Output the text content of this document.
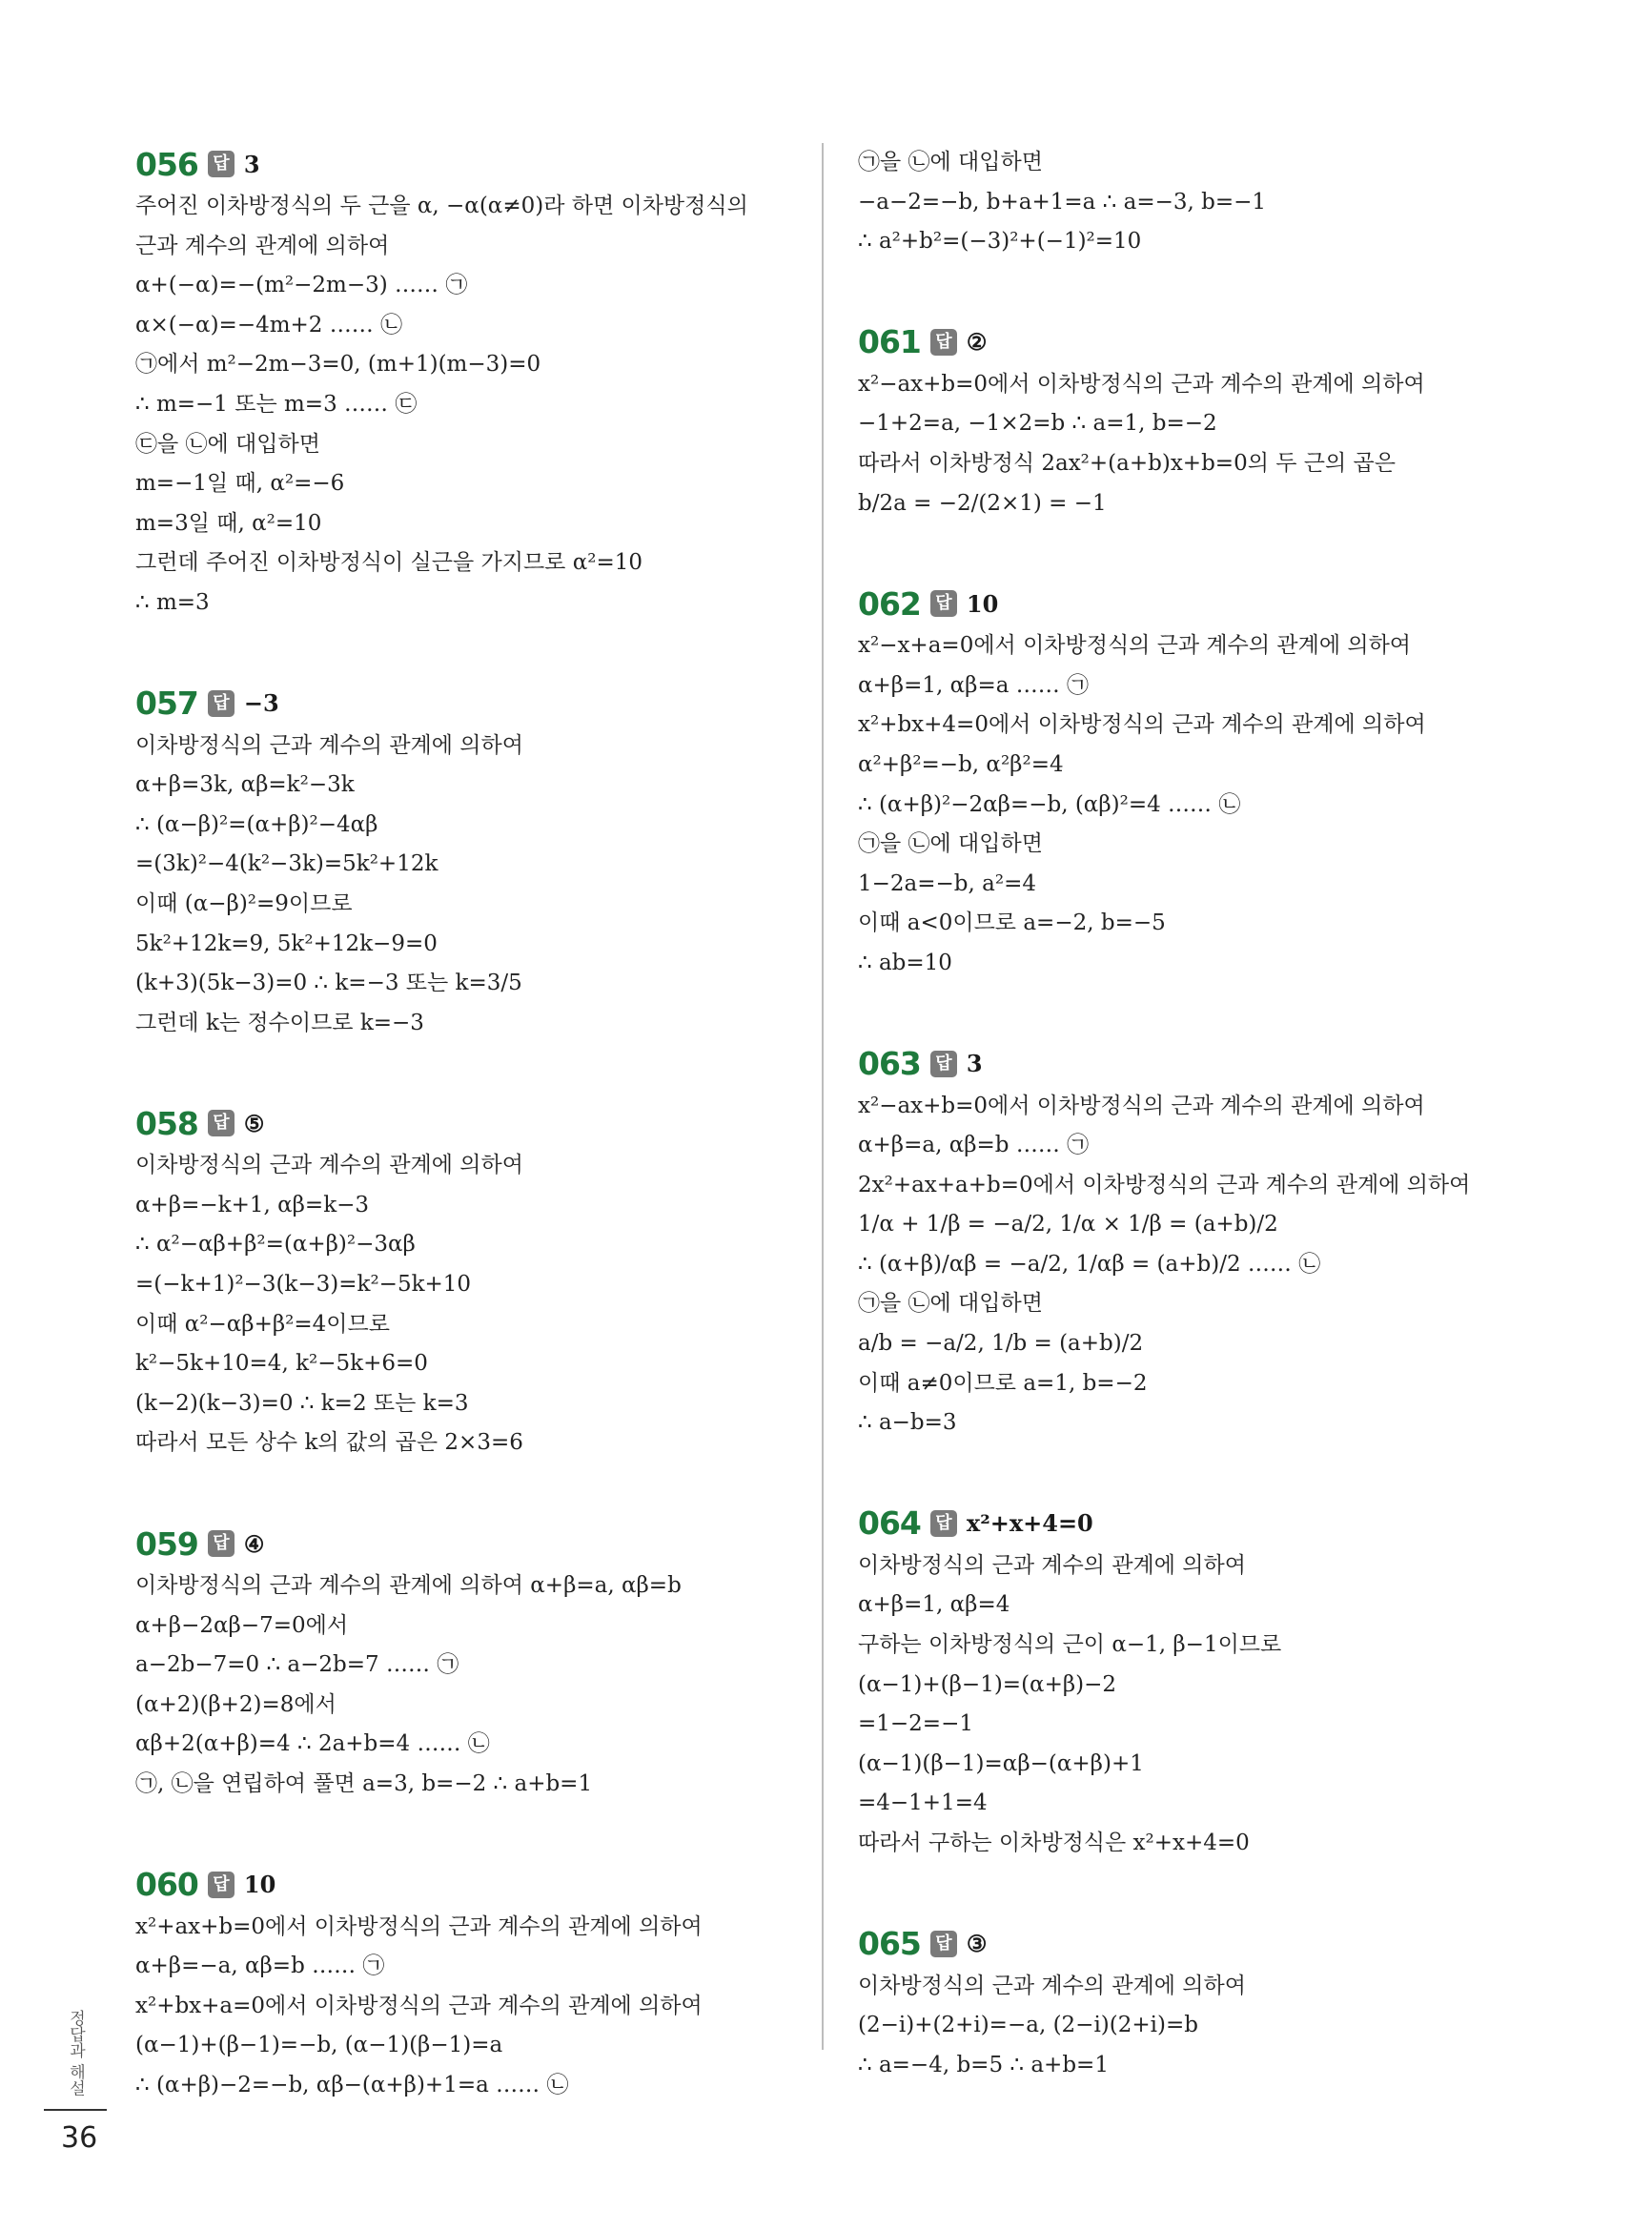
056 답 3
주어진 이차방정식의 두 근을 α, −α(α≠0)라 하면 이차방정식의
근과 계수의 관계에 의하여
α+(−α)=−(m²−2m−3) …… ㉠
α×(−α)=−4m+2 …… ㉡
㉠에서 m²−2m−3=0, (m+1)(m−3)=0
∴ m=−1 또는 m=3 …… ㉢
㉢을 ㉡에 대입하면
m=−1일 때, α²=−6
m=3일 때, α²=10
그런데 주어진 이차방정식이 실근을 가지므로 α²=10
∴ m=3
057 답 −3
이차방정식의 근과 계수의 관계에 의하여
α+β=3k, αβ=k²−3k
∴ (α−β)²=(α+β)²−4αβ
=(3k)²−4(k²−3k)=5k²+12k
이때 (α−β)²=9이므로
5k²+12k=9, 5k²+12k−9=0
(k+3)(5k−3)=0 ∴ k=−3 또는 k=3/5
그런데 k는 정수이므로 k=−3
058 답 ⑤
이차방정식의 근과 계수의 관계에 의하여
α+β=−k+1, αβ=k−3
∴ α²−αβ+β²=(α+β)²−3αβ
=(−k+1)²−3(k−3)=k²−5k+10
이때 α²−αβ+β²=4이므로
k²−5k+10=4, k²−5k+6=0
(k−2)(k−3)=0 ∴ k=2 또는 k=3
따라서 모든 상수 k의 값의 곱은 2×3=6
059 답 ④
이차방정식의 근과 계수의 관계에 의하여 α+β=a, αβ=b
α+β−2αβ−7=0에서
a−2b−7=0 ∴ a−2b=7 …… ㉠
(α+2)(β+2)=8에서
αβ+2(α+β)=4 ∴ 2a+b=4 …… ㉡
㉠, ㉡을 연립하여 풀면 a=3, b=−2 ∴ a+b=1
060 답 10
x²+ax+b=0에서 이차방정식의 근과 계수의 관계에 의하여
α+β=−a, αβ=b …… ㉠
x²+bx+a=0에서 이차방정식의 근과 계수의 관계에 의하여
(α−1)+(β−1)=−b, (α−1)(β−1)=a
∴ (α+β)−2=−b, αβ−(α+β)+1=a …… ㉡
㉠을 ㉡에 대입하면
−a−2=−b, b+a+1=a ∴ a=−3, b=−1
∴ a²+b²=(−3)²+(−1)²=10
061 답 ②
x²−ax+b=0에서 이차방정식의 근과 계수의 관계에 의하여
−1+2=a, −1×2=b ∴ a=1, b=−2
따라서 이차방정식 2ax²+(a+b)x+b=0의 두 근의 곱은
b/2a = −2/(2×1) = −1
062 답 10
x²−x+a=0에서 이차방정식의 근과 계수의 관계에 의하여
α+β=1, αβ=a …… ㉠
x²+bx+4=0에서 이차방정식의 근과 계수의 관계에 의하여
α²+β²=−b, α²β²=4
∴ (α+β)²−2αβ=−b, (αβ)²=4 …… ㉡
㉠을 ㉡에 대입하면
1−2a=−b, a²=4
이때 a<0이므로 a=−2, b=−5
∴ ab=10
063 답 3
x²−ax+b=0에서 이차방정식의 근과 계수의 관계에 의하여
α+β=a, αβ=b …… ㉠
2x²+ax+a+b=0에서 이차방정식의 근과 계수의 관계에 의하여
1/α + 1/β = −a/2, 1/α × 1/β = (a+b)/2
∴ (α+β)/αβ = −a/2, 1/αβ = (a+b)/2 …… ㉡
㉠을 ㉡에 대입하면
a/b = −a/2, 1/b = (a+b)/2
이때 a≠0이므로 a=1, b=−2
∴ a−b=3
064 답 x²+x+4=0
이차방정식의 근과 계수의 관계에 의하여
α+β=1, αβ=4
구하는 이차방정식의 근이 α−1, β−1이므로
(α−1)+(β−1)=(α+β)−2
=1−2=−1
(α−1)(β−1)=αβ−(α+β)+1
=4−1+1=4
따라서 구하는 이차방정식은 x²+x+4=0
065 답 ③
이차방정식의 근과 계수의 관계에 의하여
(2−i)+(2+i)=−a, (2−i)(2+i)=b
∴ a=−4, b=5 ∴ a+b=1
정답과 해설
36
